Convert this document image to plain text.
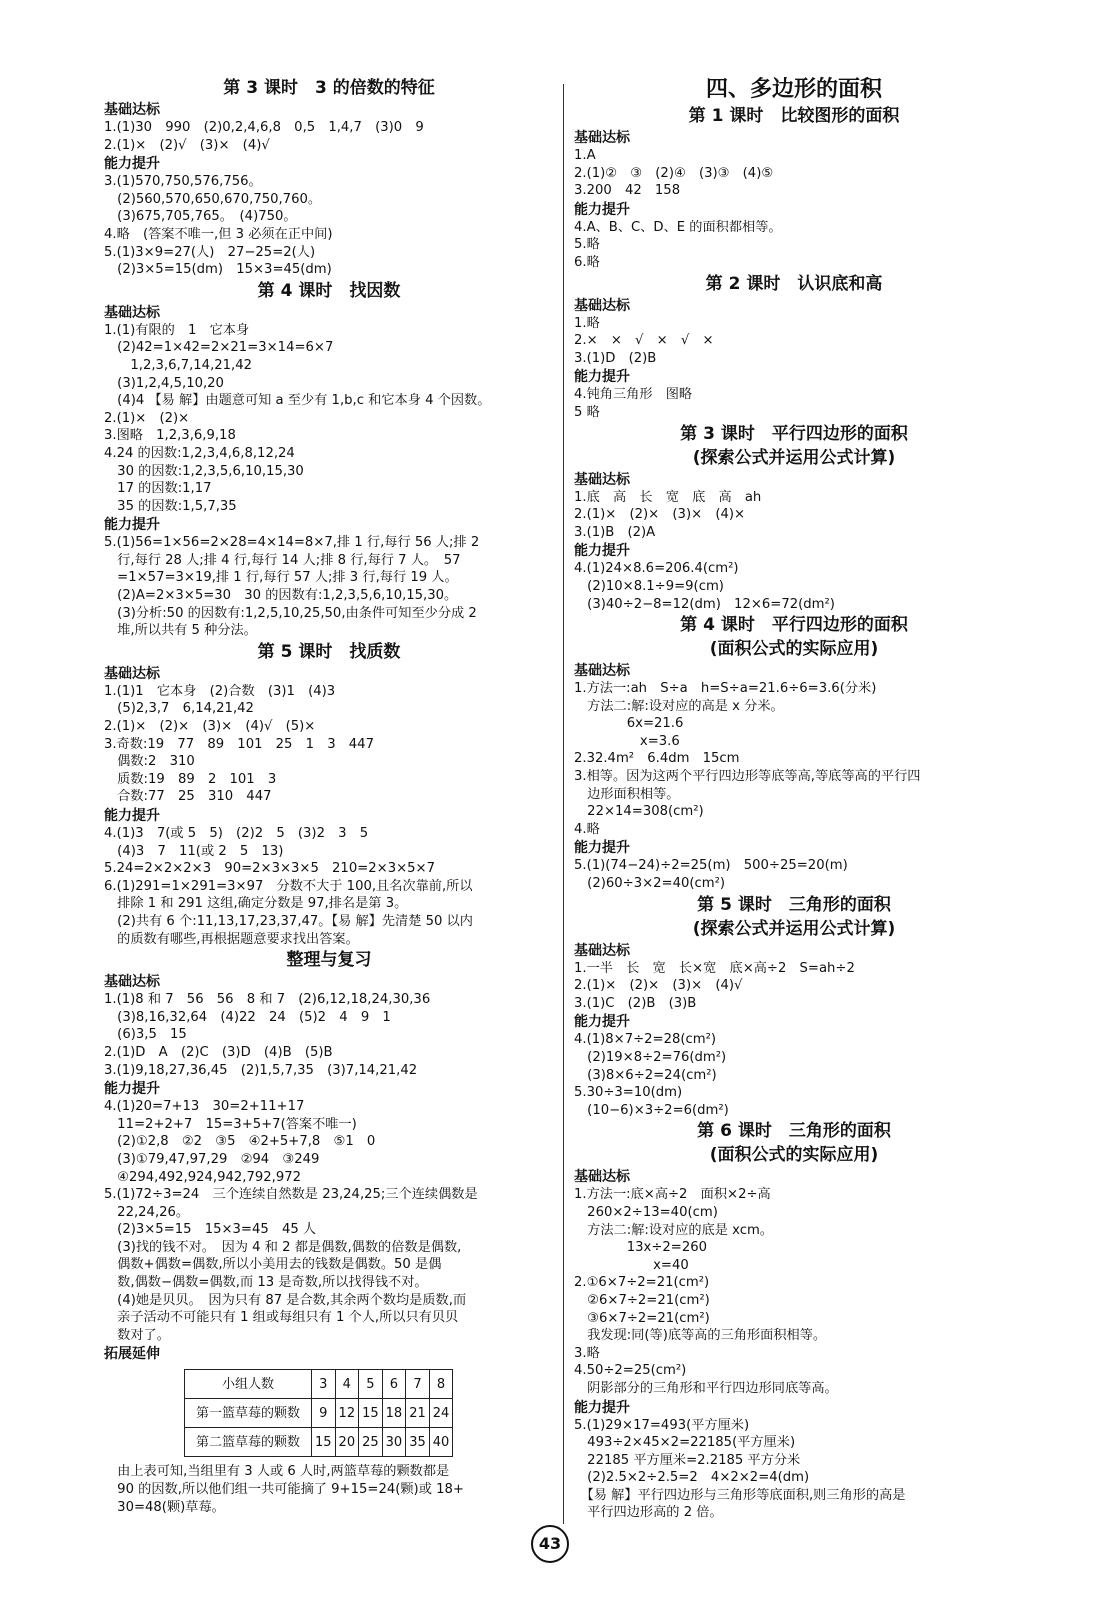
第 3 课时　3 的倍数的特征
基础达标
1.(1)30　990　(2)0,2,4,6,8　0,5　1,4,7　(3)0　9
2.(1)×　(2)√　(3)×　(4)√
能力提升
3.(1)570,750,576,756。
　(2)560,570,650,670,750,760。
　(3)675,705,765。　(4)750。
4.略　(答案不唯一,但 3 必须在正中间)
5.(1)3×9=27(人)　27−25=2(人)
　(2)3×5=15(dm)　15×3=45(dm)
第 4 课时　找因数
基础达标
1.(1)有限的　1　它本身
　(2)42=1×42=2×21=3×14=6×7
　　1,2,3,6,7,14,21,42
　(3)1,2,4,5,10,20
　(4)4 【易 解】由题意可知 a 至少有 1,b,c 和它本身 4 个因数。
2.(1)×　(2)×
3.图略　1,2,3,6,9,18
4.24 的因数:1,2,3,4,6,8,12,24
　30 的因数:1,2,3,5,6,10,15,30
　17 的因数:1,17
　35 的因数:1,5,7,35
能力提升
5.(1)56=1×56=2×28=4×14=8×7,排 1 行,每行 56 人;排 2
　行,每行 28 人;排 4 行,每行 14 人;排 8 行,每行 7 人。　57
　=1×57=3×19,排 1 行,每行 57 人;排 3 行,每行 19 人。
　(2)A=2×3×5=30　30 的因数有:1,2,3,5,6,10,15,30。
　(3)分析:50 的因数有:1,2,5,10,25,50,由条件可知至少分成 2
　堆,所以共有 5 种分法。
第 5 课时　找质数
基础达标
1.(1)1　它本身　(2)合数　(3)1　(4)3
　(5)2,3,7　6,14,21,42
2.(1)×　(2)×　(3)×　(4)√　(5)×
3.奇数:19　77　89　101　25　1　3　447
　偶数:2　310
　质数:19　89　2　101　3
　合数:77　25　310　447
能力提升
4.(1)3　7(或 5　5)　(2)2　5　(3)2　3　5
　(4)3　7　11(或 2　5　13)
5.24=2×2×2×3　90=2×3×3×5　210=2×3×5×7
6.(1)291=1×291=3×97　分数不大于 100,且名次靠前,所以
　排除 1 和 291 这组,确定分数是 97,排名是第 3。
　(2)共有 6 个:11,13,17,23,37,47。【易 解】先清楚 50 以内
　的质数有哪些,再根据题意要求找出答案。
整理与复习
基础达标
1.(1)8 和 7　56　56　8 和 7　(2)6,12,18,24,30,36
　(3)8,16,32,64　(4)22　24　(5)2　4　9　1
　(6)3,5　15
2.(1)D　A　(2)C　(3)D　(4)B　(5)B
3.(1)9,18,27,36,45　(2)1,5,7,35　(3)7,14,21,42
能力提升
4.(1)20=7+13　30=2+11+17
　11=2+2+7　15=3+5+7(答案不唯一)
　(2)①2,8　②2　③5　④2+5+7,8　⑤1　0
　(3)①79,47,97,29　②94　③249
　④294,492,924,942,792,972
5.(1)72÷3=24　三个连续自然数是 23,24,25;三个连续偶数是
　22,24,26。
　(2)3×5=15　15×3=45　45 人
　(3)找的钱不对。　因为 4 和 2 都是偶数,偶数的倍数是偶数,
　偶数+偶数=偶数,所以小美用去的钱数是偶数。50 是偶
　数,偶数−偶数=偶数,而 13 是奇数,所以找得钱不对。
　(4)她是贝贝。　因为只有 87 是合数,其余两个数均是质数,而
　亲子活动不可能只有 1 组或每组只有 1 个人,所以只有贝贝
　数对了。
拓展延伸
小组人数	3	4	5	6	7	8
第一篮草莓的颗数	9	12	15	18	21	24
第二篮草莓的颗数	15	20	25	30	35	40
　由上表可知,当组里有 3 人或 6 人时,两篮草莓的颗数都是
　90 的因数,所以他们组一共可能摘了 9+15=24(颗)或 18+
　30=48(颗)草莓。
四、多边形的面积
第 1 课时　比较图形的面积
基础达标
1.A
2.(1)②　③　(2)④　(3)③　(4)⑤
3.200　42　158
能力提升
4.A、B、C、D、E 的面积都相等。
5.略
6.略
第 2 课时　认识底和高
基础达标
1.略
2.×　×　√　×　√　×
3.(1)D　(2)B
能力提升
4.钝角三角形　图略
5 略
第 3 课时　平行四边形的面积
(探索公式并运用公式计算)
基础达标
1.底　高　长　宽　底　高　ah
2.(1)×　(2)×　(3)×　(4)×
3.(1)B　(2)A
能力提升
4.(1)24×8.6=206.4(cm²)
　(2)10×8.1÷9=9(cm)
　(3)40÷2−8=12(dm)　12×6=72(dm²)
第 4 课时　平行四边形的面积
(面积公式的实际应用)
基础达标
1.方法一:ah　S÷a　h=S÷a=21.6÷6=3.6(分米)
　方法二:解:设对应的高是 x 分米。
　　　　6x=21.6
　　　　　x=3.6
2.32.4m²　6.4dm　15cm
3.相等。因为这两个平行四边形等底等高,等底等高的平行四
　边形面积相等。
　22×14=308(cm²)
4.略
能力提升
5.(1)(74−24)÷2=25(m)　500÷25=20(m)
　(2)60÷3×2=40(cm²)
第 5 课时　三角形的面积
(探索公式并运用公式计算)
基础达标
1.一半　长　宽　长×宽　底×高÷2　S=ah÷2
2.(1)×　(2)×　(3)×　(4)√
3.(1)C　(2)B　(3)B
能力提升
4.(1)8×7÷2=28(cm²)
　(2)19×8÷2=76(dm²)
　(3)8×6÷2=24(cm²)
5.30÷3=10(dm)
　(10−6)×3÷2=6(dm²)
第 6 课时　三角形的面积
(面积公式的实际应用)
基础达标
1.方法一:底×高÷2　面积×2÷高
　260×2÷13=40(cm)
　方法二:解:设对应的底是 xcm。
　　　　13x÷2=260
　　　　　　x=40
2.①6×7÷2=21(cm²)
　②6×7÷2=21(cm²)
　③6×7÷2=21(cm²)
　我发现:同(等)底等高的三角形面积相等。
3.略
4.50÷2=25(cm²)
　阴影部分的三角形和平行四边形同底等高。
能力提升
5.(1)29×17=493(平方厘米)
　493÷2×45×2=22185(平方厘米)
　22185 平方厘米=2.2185 平方分米
　(2)2.5×2÷2.5=2　4×2×2=4(dm)
　【易 解】平行四边形与三角形等底面积,则三角形的高是
　平行四边形高的 2 倍。
43
